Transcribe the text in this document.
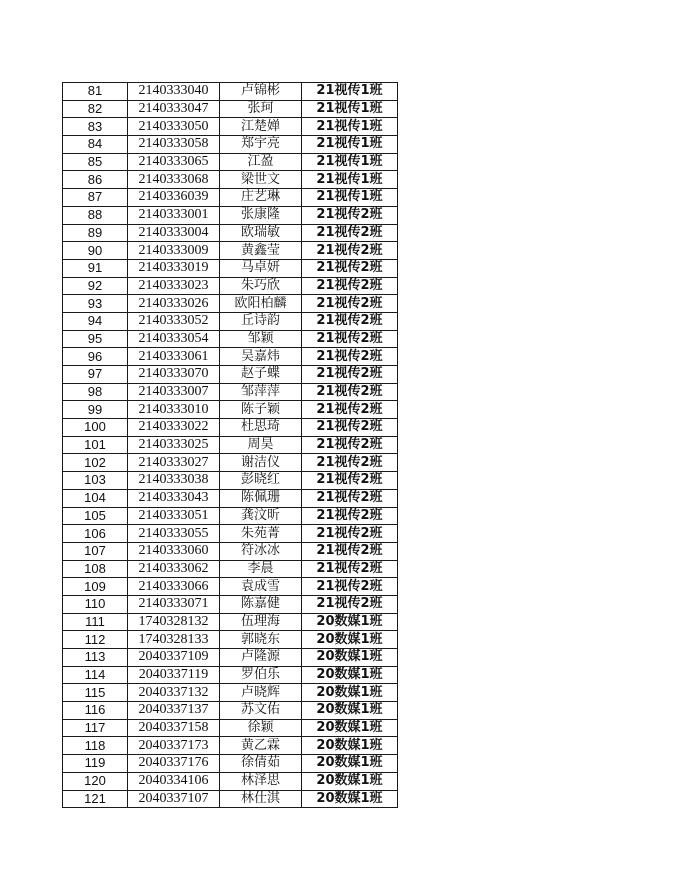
81	2140333040	卢锦彬	21视传1班
82	2140333047	张珂	21视传1班
83	2140333050	江楚婵	21视传1班
84	2140333058	郑宇亮	21视传1班
85	2140333065	江盈	21视传1班
86	2140333068	梁世文	21视传1班
87	2140336039	庄艺琳	21视传1班
88	2140333001	张康隆	21视传2班
89	2140333004	欧瑞敏	21视传2班
90	2140333009	黄鑫莹	21视传2班
91	2140333019	马卓妍	21视传2班
92	2140333023	朱巧欣	21视传2班
93	2140333026	欧阳柏麟	21视传2班
94	2140333052	丘诗韵	21视传2班
95	2140333054	邹颖	21视传2班
96	2140333061	吴嘉炜	21视传2班
97	2140333070	赵子蝶	21视传2班
98	2140333007	邹萍萍	21视传2班
99	2140333010	陈子颖	21视传2班
100	2140333022	杜思琦	21视传2班
101	2140333025	周昊	21视传2班
102	2140333027	谢洁仪	21视传2班
103	2140333038	彭晓红	21视传2班
104	2140333043	陈佩珊	21视传2班
105	2140333051	龚汶昕	21视传2班
106	2140333055	朱苑菁	21视传2班
107	2140333060	符冰冰	21视传2班
108	2140333062	李晨	21视传2班
109	2140333066	袁成雪	21视传2班
110	2140333071	陈嘉健	21视传2班
111	1740328132	伍理海	20数媒1班
112	1740328133	郭晓东	20数媒1班
113	2040337109	卢隆源	20数媒1班
114	2040337119	罗伯乐	20数媒1班
115	2040337132	卢晓辉	20数媒1班
116	2040337137	苏文佑	20数媒1班
117	2040337158	徐颖	20数媒1班
118	2040337173	黄乙霖	20数媒1班
119	2040337176	徐倩茹	20数媒1班
120	2040334106	林泽思	20数媒1班
121	2040337107	林仕淇	20数媒1班
